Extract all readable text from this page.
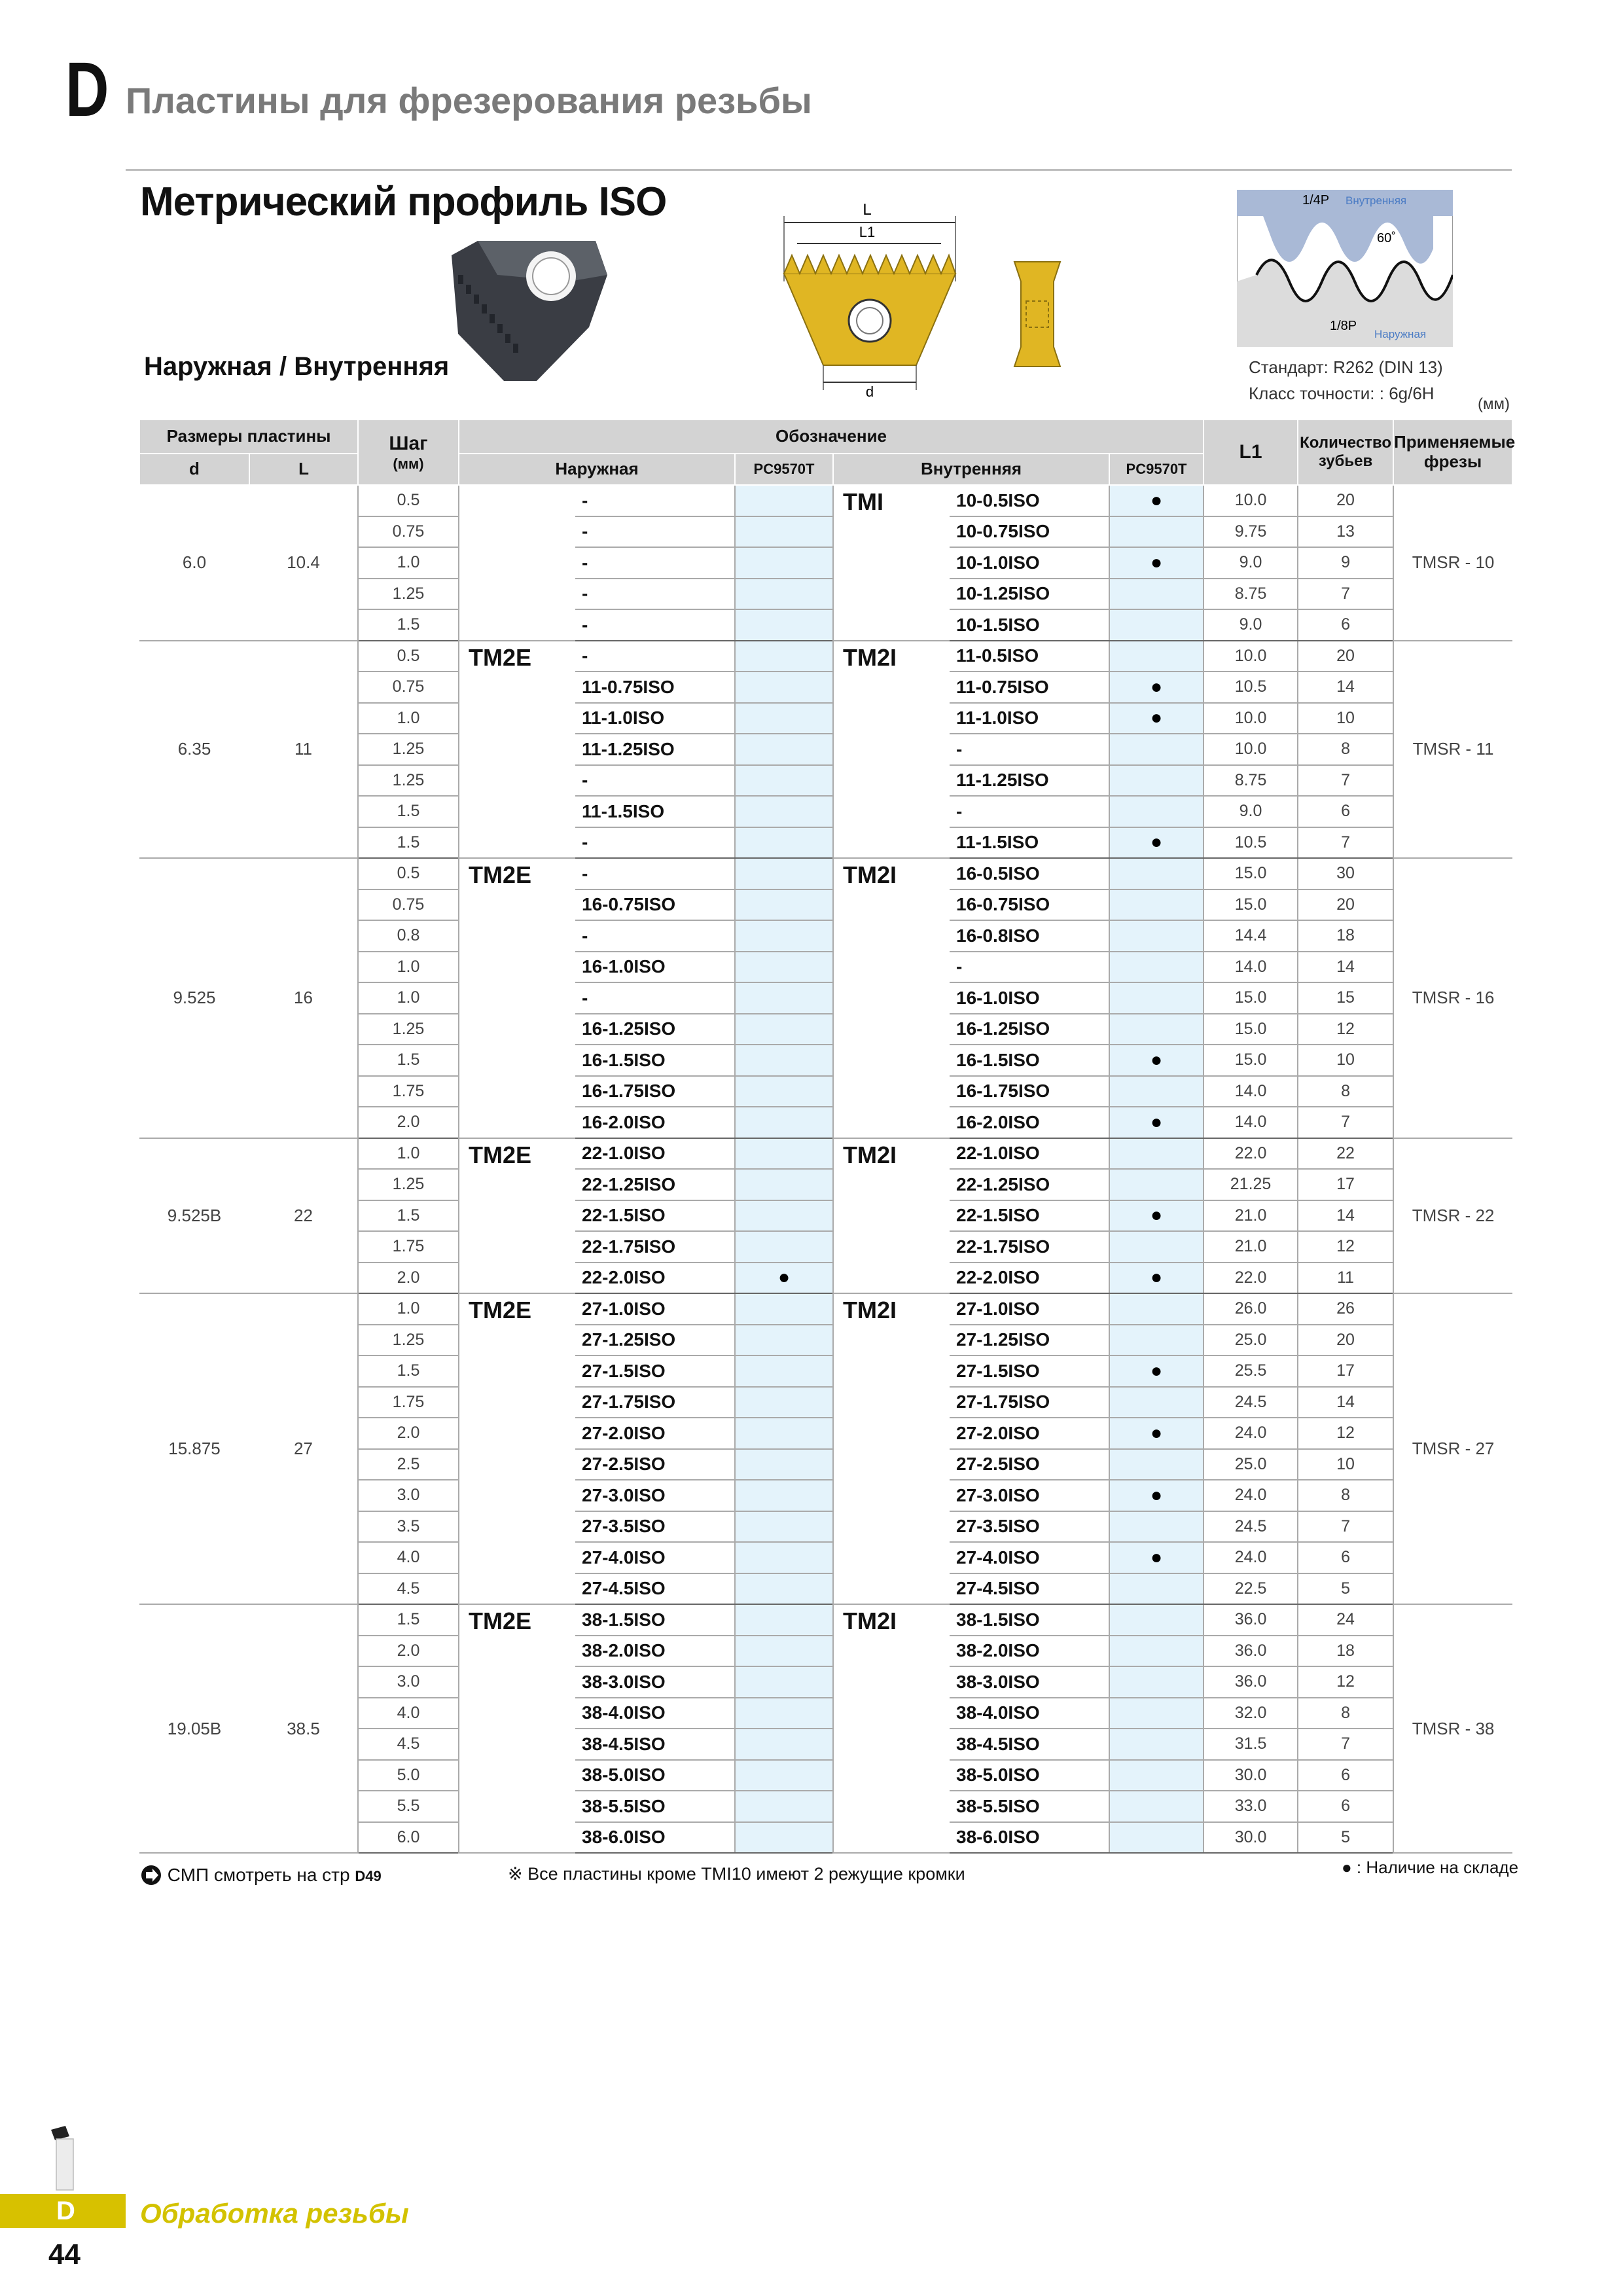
D Пластины для фрезерования резьбы
Метрический профиль ISO	L
L1
d
1/4P Внутренняя
60˚
1/8P
Наружная
Наружная / Внутренняя	Стандарт: R262 (DIN 13)
Класс точности: : 6g/6H
(мм)
Размеры пластины		Шаг
(мм)	Обозначение						L1	Количество зубьев	Применяемые фрезы
d	L		Наружная		PC9570T	Внутренняя		PC9570T			
6.0	10.4	0.5		-		TMI	10-0.5ISO	●	10.0	20	TMSR - 10
		0.75		-			10-0.75ISO		9.75	13	
		1.0		-			10-1.0ISO	●	9.0	9	
		1.25		-			10-1.25ISO		8.75	7	
		1.5		-			10-1.5ISO		9.0	6	
6.35	11	0.5	TM2E	-		TM2I	11-0.5ISO		10.0	20	TMSR - 11
		0.75		11-0.75ISO			11-0.75ISO	●	10.5	14	
		1.0		11-1.0ISO			11-1.0ISO	●	10.0	10	
		1.25		11-1.25ISO			-		10.0	8	
		1.25		-			11-1.25ISO		8.75	7	
		1.5		11-1.5ISO			-		9.0	6	
		1.5		-			11-1.5ISO	●	10.5	7	
9.525	16	0.5	TM2E	-		TM2I	16-0.5ISO		15.0	30	TMSR - 16
		0.75		16-0.75ISO			16-0.75ISO		15.0	20	
		0.8		-			16-0.8ISO		14.4	18	
		1.0		16-1.0ISO			-		14.0	14	
		1.0		-			16-1.0ISO		15.0	15	
		1.25		16-1.25ISO			16-1.25ISO		15.0	12	
		1.5		16-1.5ISO			16-1.5ISO	●	15.0	10	
		1.75		16-1.75ISO			16-1.75ISO		14.0	8	
		2.0		16-2.0ISO			16-2.0ISO	●	14.0	7	
9.525B	22	1.0	TM2E	22-1.0ISO		TM2I	22-1.0ISO		22.0	22	TMSR - 22
		1.25		22-1.25ISO			22-1.25ISO		21.25	17	
		1.5		22-1.5ISO			22-1.5ISO	●	21.0	14	
		1.75		22-1.75ISO			22-1.75ISO		21.0	12	
		2.0		22-2.0ISO	●		22-2.0ISO	●	22.0	11	
15.875	27	1.0	TM2E	27-1.0ISO		TM2I	27-1.0ISO		26.0	26	TMSR - 27
		1.25		27-1.25ISO			27-1.25ISO		25.0	20	
		1.5		27-1.5ISO			27-1.5ISO	●	25.5	17	
		1.75		27-1.75ISO			27-1.75ISO		24.5	14	
		2.0		27-2.0ISO			27-2.0ISO	●	24.0	12	
		2.5		27-2.5ISO			27-2.5ISO		25.0	10	
		3.0		27-3.0ISO			27-3.0ISO	●	24.0	8	
		3.5		27-3.5ISO			27-3.5ISO		24.5	7	
		4.0		27-4.0ISO			27-4.0ISO	●	24.0	6	
		4.5		27-4.5ISO			27-4.5ISO		22.5	5	
19.05B	38.5	1.5	TM2E	38-1.5ISO		TM2I	38-1.5ISO		36.0	24	TMSR - 38
		2.0		38-2.0ISO			38-2.0ISO		36.0	18	
		3.0		38-3.0ISO			38-3.0ISO		36.0	12	
		4.0		38-4.0ISO			38-4.0ISO		32.0	8	
		4.5		38-4.5ISO			38-4.5ISO		31.5	7	
		5.0		38-5.0ISO			38-5.0ISO		30.0	6	
		5.5		38-5.5ISO			38-5.5ISO		33.0	6	
		6.0		38-6.0ISO			38-6.0ISO		30.0	5	
СМП смотреть на стр D49	※ Все пластины кроме TMI10 имеют 2 режущие кромки	● : Наличие на складе
D Обработка резьбы
44
